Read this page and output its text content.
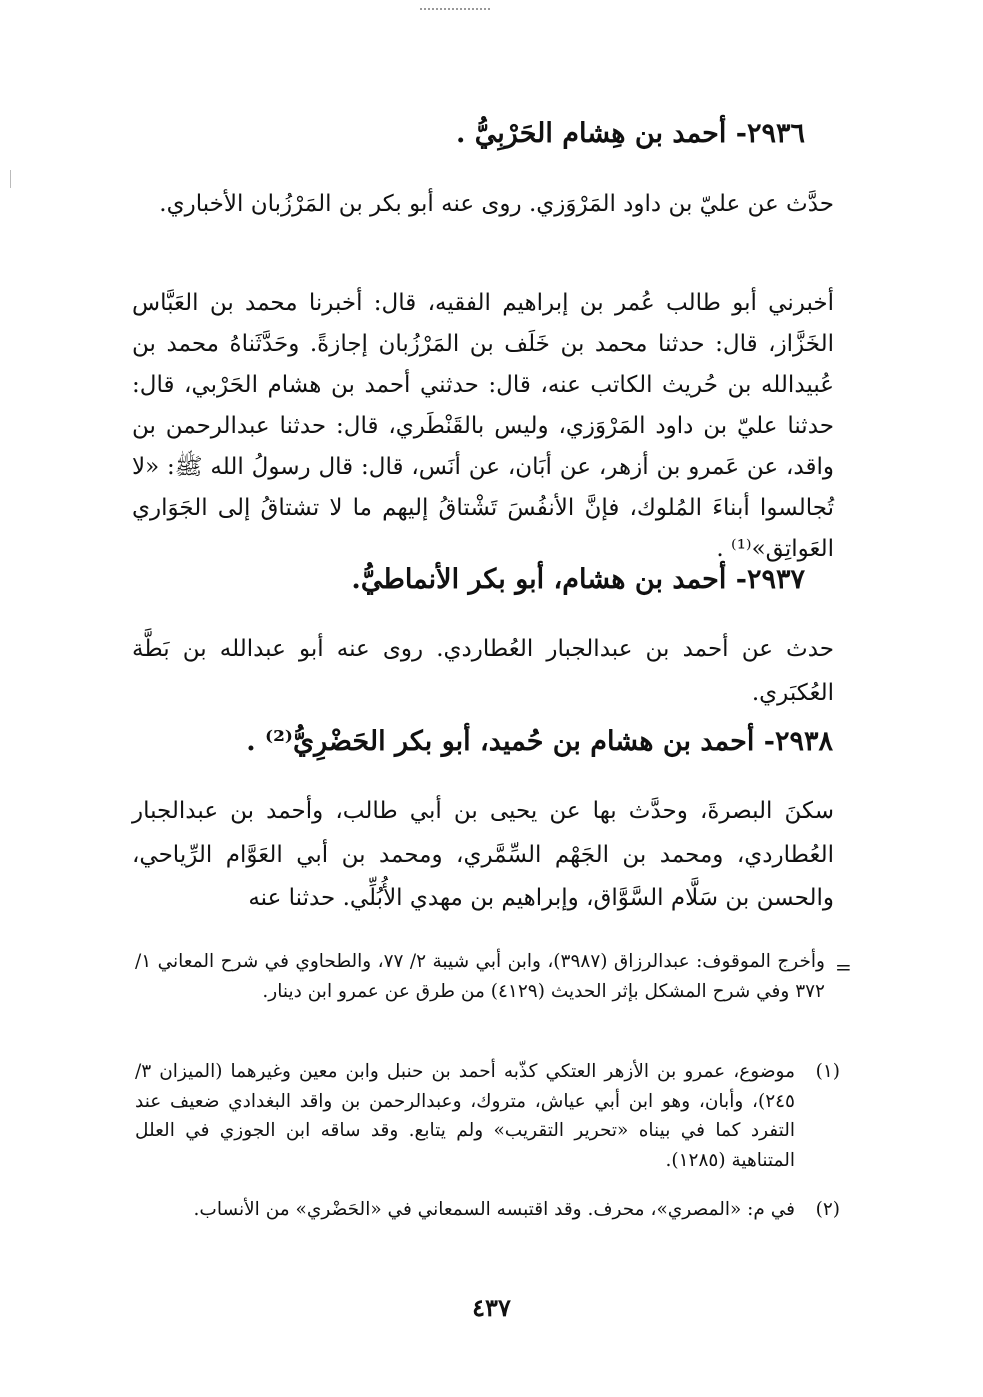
٢٩٣٦- أحمد بن هِشام الحَرْبِيُّ .
حدَّث عن عليّ بن داود المَرْوَزي. روى عنه أبو بكر بن المَرْزُبان الأخباري.
أخبرني أبو طالب عُمر بن إبراهيم الفقيه، قال: أخبرنا محمد بن العَبَّاس الخَزَّاز، قال: حدثنا محمد بن خَلَف بن المَرْزُبان إجازةً. وحَدَّثَناهُ محمد بن عُبيدالله بن حُريث الكاتب عنه، قال: حدثني أحمد بن هشام الحَرْبي، قال: حدثنا عليّ بن داود المَرْوَزي، وليس بالقَنْطَري، قال: حدثنا عبدالرحمن بن واقد، عن عَمرو بن أزهر، عن أبَان، عن أنَس، قال: قال رسولُ الله ﷺ: «لا تُجالسوا أبناءَ المُلوك، فإنَّ الأنفُسَ تَشْتاقُ إليهم ما لا تشتاقُ إلى الجَوَاري العَواتِق»⁽¹⁾ .
٢٩٣٧- أحمد بن هشام، أبو بكر الأنماطيُّ.
حدث عن أحمد بن عبدالجبار العُطاردي. روى عنه أبو عبدالله بن بَطَّة العُكبَري.
٢٩٣٨- أحمد بن هشام بن حُميد، أبو بكر الحَضْرِيُّ⁽²⁾ .
سكنَ البصرةَ، وحدَّث بها عن يحيى بن أبي طالب، وأحمد بن عبدالجبار العُطاردي، ومحمد بن الجَهْم السِّمَّري، ومحمد بن أبي العَوَّام الرِّياحي، والحسن بن سَلَّام السَّوَّاق، وإبراهيم بن مهدي الأُبُلِّي. حدثنا عنه
=
وأخرج الموقوف: عبدالرزاق (٣٩٨٧)، وابن أبي شيبة ٢/ ٧٧، والطحاوي في شرح المعاني ١/ ٣٧٢ وفي شرح المشكل بإثر الحديث (٤١٢٩) من طرق عن عمرو ابن دينار.
(١)
موضوع، عمرو بن الأزهر العتكي كذّبه أحمد بن حنبل وابن معين وغيرهما (الميزان ٣/ ٢٤٥)، وأبان، وهو ابن أبي عياش، متروك، وعبدالرحمن بن واقد البغدادي ضعيف عند التفرد كما في بيناه «تحرير التقريب» ولم يتابع. وقد ساقه ابن الجوزي في العلل المتناهية (١٢٨٥).
(٢)
في م: «المصري»، محرف. وقد اقتبسه السمعاني في «الحَضْري» من الأنساب.
٤٣٧
